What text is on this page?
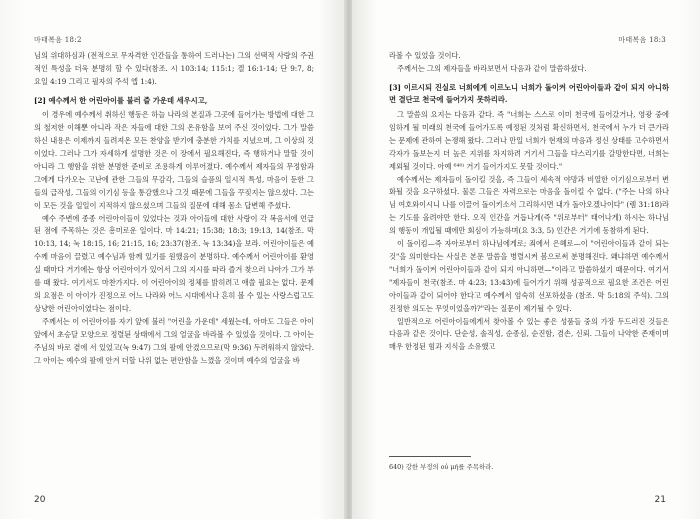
마태복음 18:2

님의 위대하심과 (전적으로 무자격한 인간들을 통하여 드러나는) 그의 선택적 사랑의 주권적인 특성을 더욱 분명히 할 수 있다(참조. 시 103:14; 115:1; 겔 16:1-14; 단 9:7, 8; 요일 4:19 그리고 필자의 주석 엡 1:4).

[2] 예수께서 한 어린아이를 불러 즐 가운데 세우시고,

이 경우에 예수께서 취하신 행동은 하늘 나라의 본질과 그곳에 들어가는 방법에 대한 그의 철저한 이해뿐 아니라 작은 자들에 대한 그의 온유함을 보여 주신 것이었다. 그가 말씀하신 내용은 이제까지 들려져온 모든 찬양을 받기에 충분한 가치를 지녔으며, 그 이상의 것이었다. 그러나 그가 자세하게 설명한 것은 이 장에서 필요해진다, 즉 행하거나 말할 것이 아니라 그 행함을 위한 분명한 준비로 조용하게 이루어졌다. 예수께서 제자들의 무정함과 그에게 다가오는 고난에 관한 그들의 무감각, 그들의 슬픔의 일시적 특성, 마음이 둔한 그들의 급작성, 그들의 이기심 등을 통감했으나 그것 때문에 그들을 꾸짖지는 않으셨다. 그는 이 모든 것을 일일이 지적하지 않으셨으며 그들의 질문에 대해 몸소 답변해 주셨다.

예수 주변에 종종 어린아이들이 있었다는 것과 아이들에 대한 사랑이 각 복음서에 언급된 점에 주목하는 것은 흥미로운 일이다. 마 14:21; 15:38; 18:3; 19:13, 14(참조. 막 10:13, 14; 눅 18:15, 16; 21:15, 16; 23:37(참조. 눅 13:34)을 보라. 어린아이들은 예수께 마음이 끌렸고 예수님과 함께 있기를 원했음이 분명하다. 예수께서 어린아이를 환영실 때마다 거기에는 항상 어린아이가 있어서 그의 지시를 따라 즐겨 찾으러 나아가 그가 부를 때 왔다. 여기서도 마찬가지다. 이 어린아이의 정체를 밝히려고 애쓸 필요는 없다. 문제의 요점은 이 아이가 진정으로 어느 나라와 어느 시대에서나 흔히 볼 수 있는 사랑스럽고도 상냥한 어린아이였다는 점이다.

주께서는 이 어린아이를 자기 앞에 불러 "어린을 가운데" 세웠는데, 아마도 그들은 아이 앞에서 초승달 모양으로 정렬된 상태에서 그의 얼굴을 바라볼 수 있었을 것이다. 그 아이는 주님의 바로 곁에 서 있었고(눅 9:47) 그의 팔에 안겼으므로(막 9:36) 두려워하지 않았다. 그 아이는 예수의 팔에 안겨 더할 나위 없는 편안함을 느꼈을 것이며 예수의 얼굴을 바

20
마태복음 18:3

라볼 수 있었을 것이다.

주께서는 그의 제자들을 바라보면서 다음과 같이 말씀하셨다.

[3] 이르시되 진실로 너희에게 이르노니 너희가 돌이켜 어린아이들과 같이 되지 아니하면 결단코 천국에 들어가지 못하리라.

그 말씀의 요지는 다음과 같다. 즉 "너희는 스스로 이미 천국에 들어갔거나, 영광 중에 임하게 될 미래의 천국에 들어가도록 예정된 것처럼 확신하면서, 천국에서 누가 더 큰가라는 문제에 관하여 논쟁해 왔다. 그러나 만일 너희가 현재의 마음과 정신 상태를 고수하면서 각자가 돌보는지 더 높은 지위를 차지하려 거기서 그들을 다스리기를 갈망한다면, 너희는 제외될 것이다. 아예 ⁶⁴⁰⁾ 거기 들어가지도 못할 것이다."

예수께서는 제자들이 돌이킬 것을, 즉 그들이 세속적 야망과 비열한 이기심으로부터 변화될 것을 요구하셨다. 물론 그들은 자력으로는 마음을 돌이킬 수 없다. ("주는 나의 하나님 여호와이시니 나를 이끌어 돌이키소서 그리하시면 내가 돌아오겠나이다" (렘 31:18)라는 기도를 올려야만 한다. 오직 인간을 거듭나게(즉 "위로부터" 태어나게) 하시는 하나님의 행동이 개입될 때에만 회심이 가능하며(요 3:3, 5) 인간은 거기에 동참하게 된다.

이 돌이킴—즉 자아로부터 하나님에게로; 죄에서 은혜로—이 "어린아이들과 같이 되는 것"을 의미한다는 사실은 본문 말씀을 병렬시켜 봄으로써 분명해진다. 왜냐하면 예수께서 "너희가 돌이켜 어린아이들과 같이 되지 아니하면—"이라고 말씀하셨기 때문이다. 여기서 "제자들이 천국(참조. 마 4:23; 13:43)에 들어가기 위해 성공적으로 필요한 조건은 어린아이들과 같이 되어야 한다고 예수께서 엄숙히 선포하셨음 (참조. 막 5:18의 주석). 그의 진정한 의도는 무엇이었을까?"라는 질문이 제기될 수 있다.

일반적으로 어린아이들에게서 찾아볼 수 있는 좋은 성품들 중의 가장 두드러진 것들은 다음과 같은 것이다. 단순성, 솔직성, 순종심, 순진함, 겸손, 신뢰. 그들이 나약한 존재이며 매우 한정된 힘과 지식을 소유했고

640) 강한 부정의 οὐ μή를 주목하라.
21
